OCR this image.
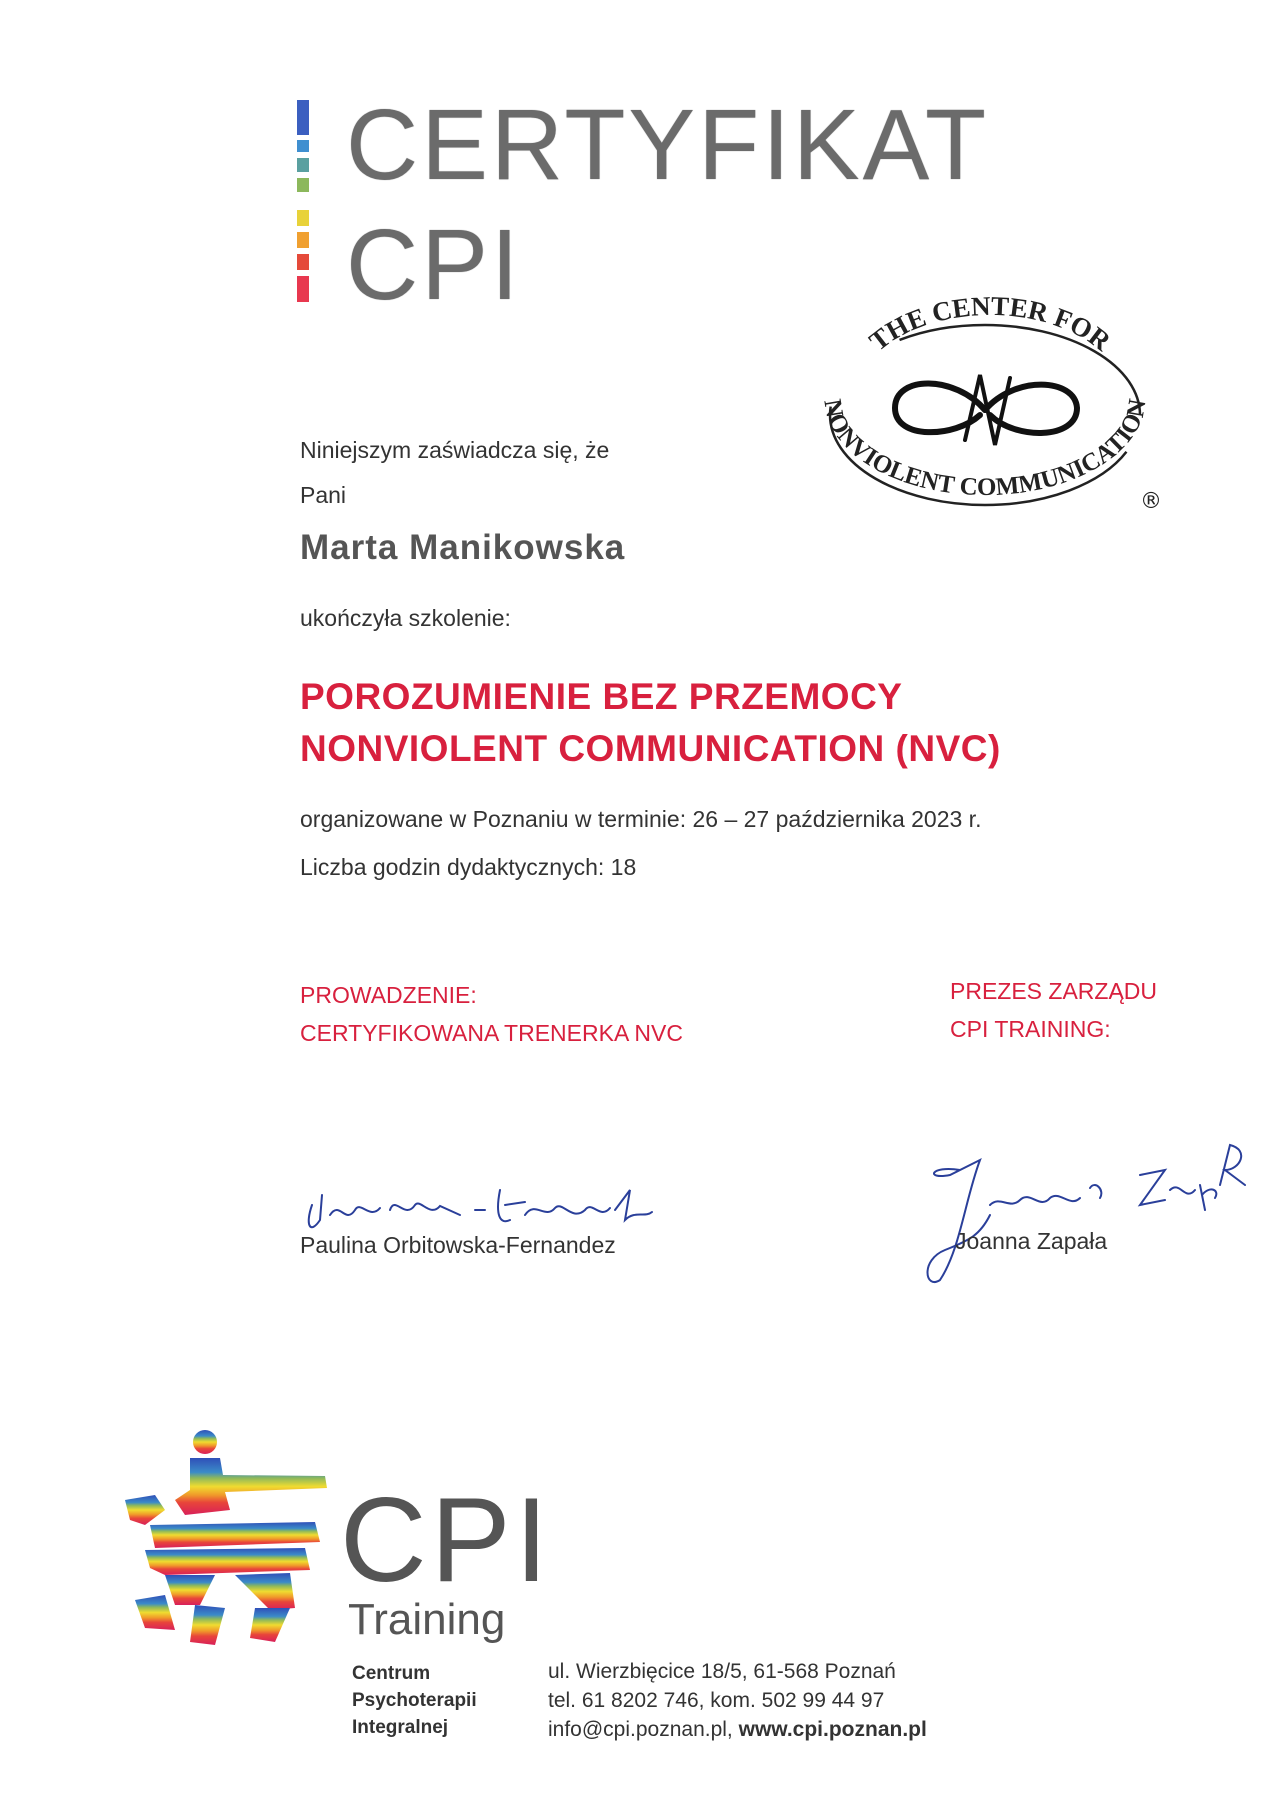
CERTYFIKAT
CPI
THE CENTER FOR
NONVIOLENT COMMUNICATION
®
Niniejszym zaświadcza się, że
Pani
Marta Manikowska
ukończyła szkolenie:
POROZUMIENIE BEZ PRZEMOCY
NONVIOLENT COMMUNICATION (NVC)
organizowane w Poznaniu w terminie: 26 – 27 października 2023 r.
Liczba godzin dydaktycznych: 18
PROWADZENIE:
CERTYFIKOWANA TRENERKA NVC
PREZES ZARZĄDU
CPI TRAINING:
Paulina Orbitowska-Fernandez	Joanna Zapała
CPI
Training
Centrum
Psychoterapii
Integralnej
ul. Wierzbięcice 18/5, 61-568 Poznań
tel. 61 8202 746, kom. 502 99 44 97
info@cpi.poznan.pl, www.cpi.poznan.pl
